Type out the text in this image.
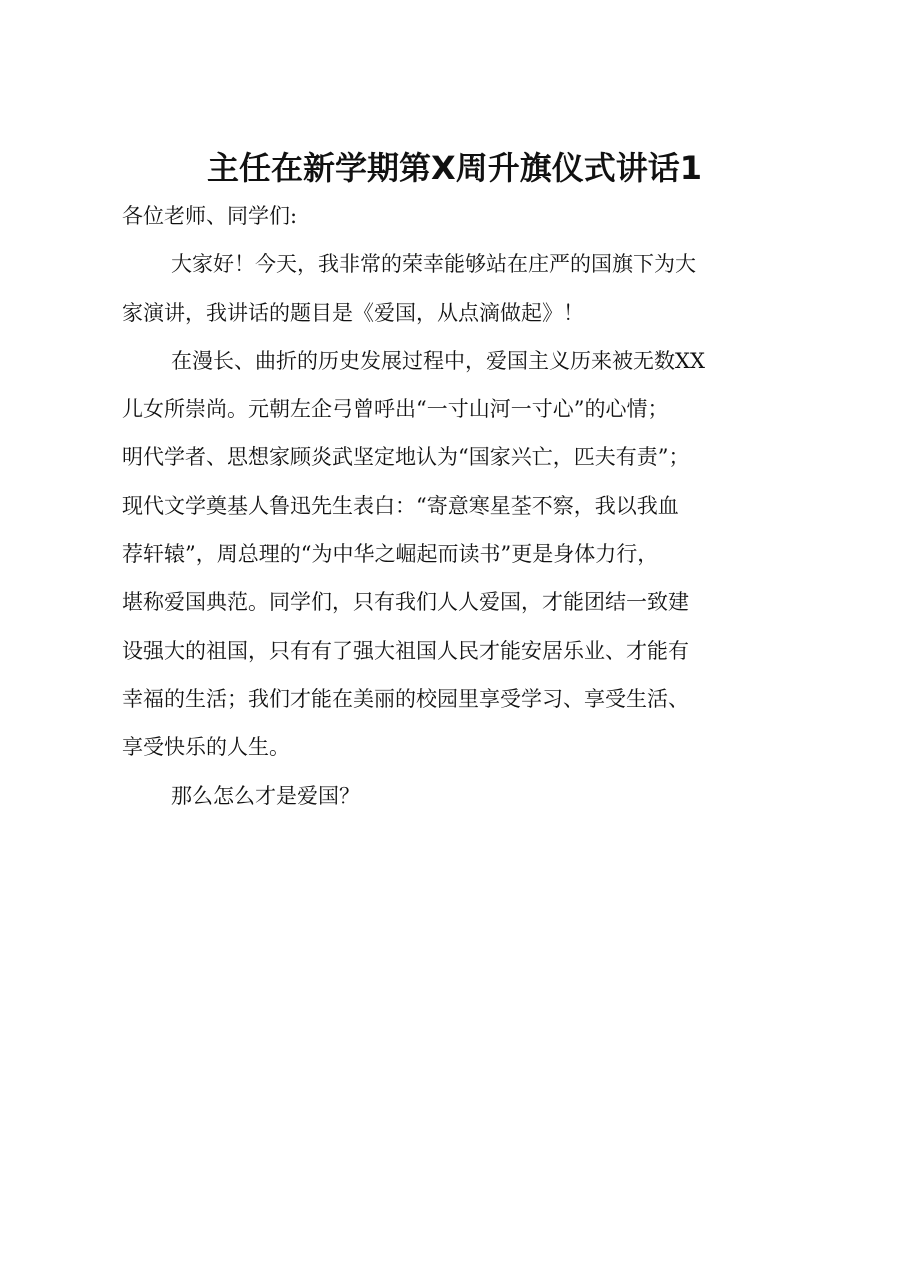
主任在新学期第X周升旗仪式讲话1

各位老师、同学们:

大家好！今天，我非常的荣幸能够站在庄严的国旗下为大
家演讲，我讲话的题目是《爱国，从点滴做起》！

在漫长、曲折的历史发展过程中，爱国主义历来被无数XX
儿女所崇尚。元朝左企弓曾呼出“一寸山河一寸心”的心情；
明代学者、思想家顾炎武坚定地认为“国家兴亡，匹夫有责”；
现代文学奠基人鲁迅先生表白：“寄意寒星荃不察，我以我血
荐轩辕”，周总理的“为中华之崛起而读书”更是身体力行，
堪称爱国典范。同学们，只有我们人人爱国，才能团结一致建
设强大的祖国，只有有了强大祖国人民才能安居乐业、才能有
幸福的生活；我们才能在美丽的校园里享受学习、享受生活、
享受快乐的人生。

那么怎么才是爱国？
